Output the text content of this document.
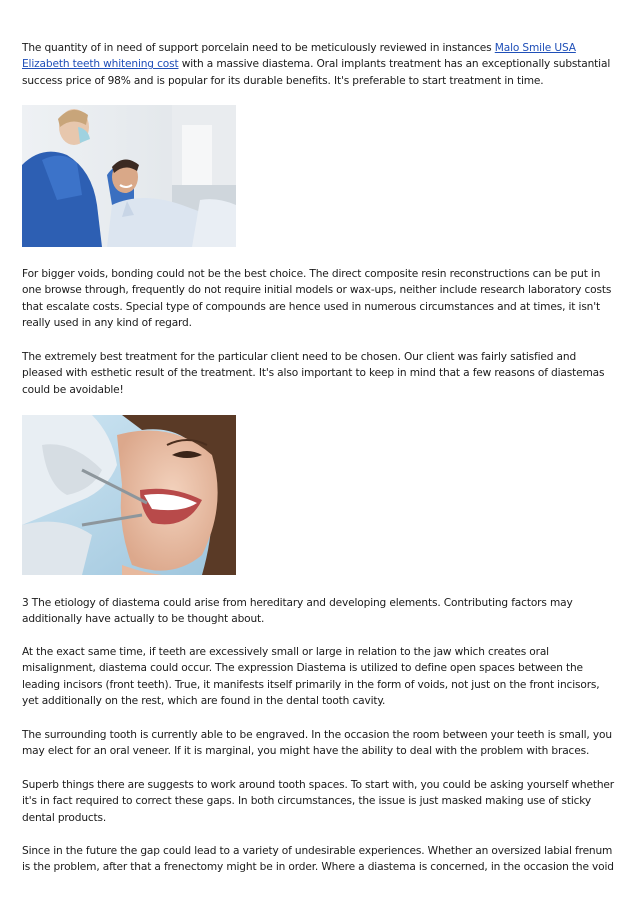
The quantity of in need of support porcelain need to be meticulously reviewed in instances Malo Smile USA Elizabeth teeth whitening cost with a massive diastema. Oral implants treatment has an exceptionally substantial success price of 98% and is popular for its durable benefits. It's preferable to start treatment in time.

For bigger voids, bonding could not be the best choice. The direct composite resin reconstructions can be put in one browse through, frequently do not require initial models or wax-ups, neither include research laboratory costs that escalate costs. Special type of compounds are hence used in numerous circumstances and at times, it isn't really used in any kind of regard.

The extremely best treatment for the particular client need to be chosen. Our client was fairly satisfied and pleased with esthetic result of the treatment. It's also important to keep in mind that a few reasons of diastemas could be avoidable!

3 The etiology of diastema could arise from hereditary and developing elements. Contributing factors may additionally have actually to be thought about.

At the exact same time, if teeth are excessively small or large in relation to the jaw which creates oral misalignment, diastema could occur. The expression Diastema is utilized to define open spaces between the leading incisors (front teeth). True, it manifests itself primarily in the form of voids, not just on the front incisors, yet additionally on the rest, which are found in the dental tooth cavity.

The surrounding tooth is currently able to be engraved. In the occasion the room between your teeth is small, you may elect for an oral veneer. If it is marginal, you might have the ability to deal with the problem with braces.

Superb things there are suggests to work around tooth spaces. To start with, you could be asking yourself whether it's in fact required to correct these gaps. In both circumstances, the issue is just masked making use of sticky dental products.

Since in the future the gap could lead to a variety of undesirable experiences. Whether an oversized labial frenum is the problem, after that a frenectomy might be in order. Where a diastema is concerned, in the occasion the void
